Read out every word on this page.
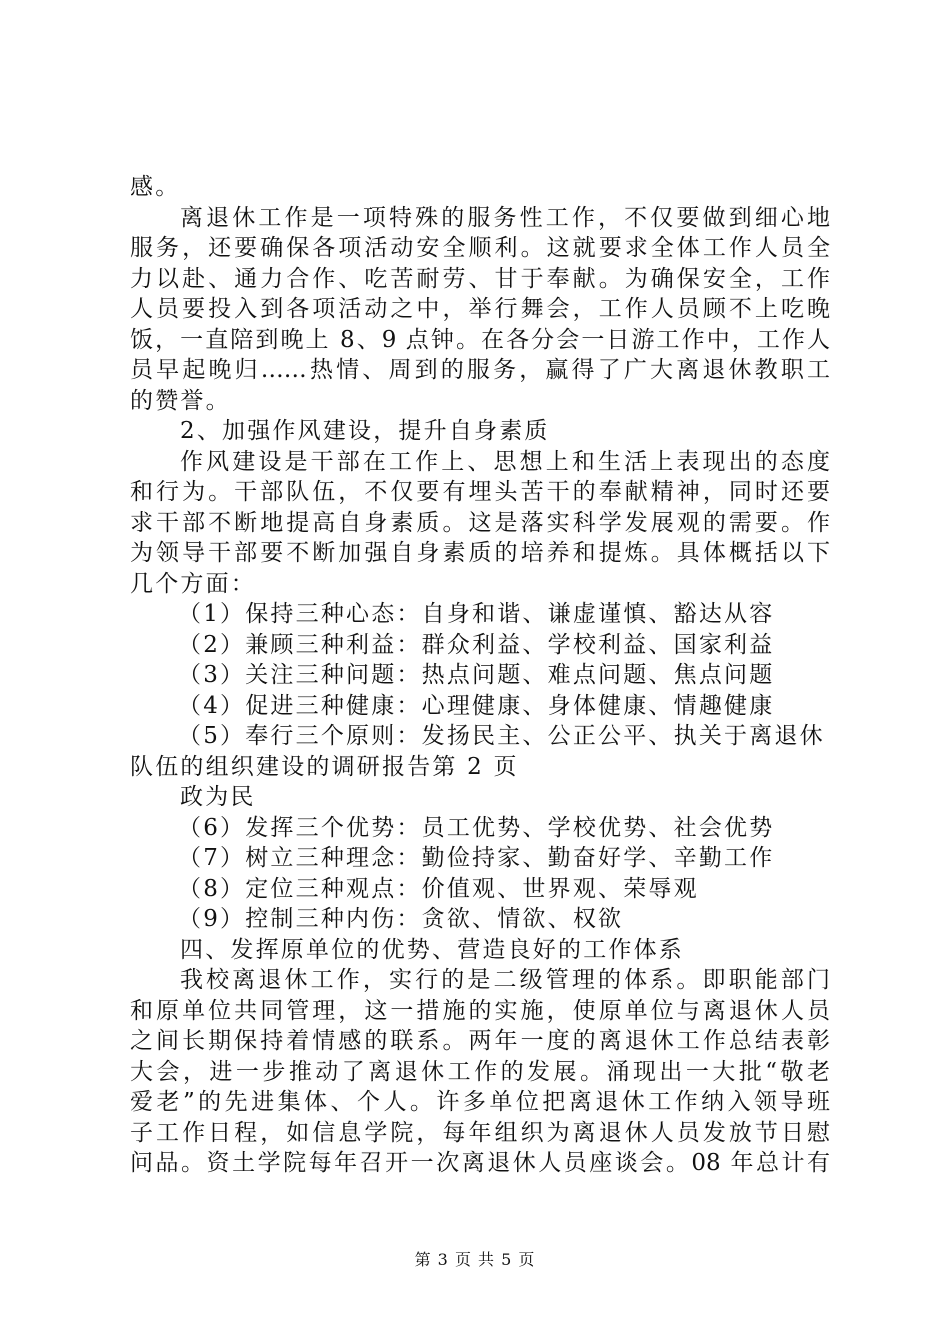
感。
离退休工作是一项特殊的服务性工作，不仅要做到细心地
服务，还要确保各项活动安全顺利。这就要求全体工作人员全
力以赴、通力合作、吃苦耐劳、甘于奉献。为确保安全，工作
人员要投入到各项活动之中，举行舞会，工作人员顾不上吃晚
饭，一直陪到晚上 8、9 点钟。在各分会一日游工作中，工作人
员早起晚归……热情、周到的服务，赢得了广大离退休教职工
的赞誉。
2、加强作风建设，提升自身素质
作风建设是干部在工作上、思想上和生活上表现出的态度
和行为。干部队伍，不仅要有埋头苦干的奉献精神，同时还要
求干部不断地提高自身素质。这是落实科学发展观的需要。作
为领导干部要不断加强自身素质的培养和提炼。具体概括以下
几个方面：
（1）保持三种心态：自身和谐、谦虚谨慎、豁达从容
（2）兼顾三种利益：群众利益、学校利益、国家利益
（3）关注三种问题：热点问题、难点问题、焦点问题
（4）促进三种健康：心理健康、身体健康、情趣健康
（5）奉行三个原则：发扬民主、公正公平、执关于离退休
队伍的组织建设的调研报告第 2 页
政为民
（6）发挥三个优势：员工优势、学校优势、社会优势
（7）树立三种理念：勤俭持家、勤奋好学、辛勤工作
（8）定位三种观点：价值观、世界观、荣辱观
（9）控制三种内伤：贪欲、情欲、权欲
四、发挥原单位的优势、营造良好的工作体系
我校离退休工作，实行的是二级管理的体系。即职能部门
和原单位共同管理，这一措施的实施，使原单位与离退休人员
之间长期保持着情感的联系。两年一度的离退休工作总结表彰
大会，进一步推动了离退休工作的发展。涌现出一大批“敬老
爱老”的先进集体、个人。许多单位把离退休工作纳入领导班
子工作日程，如信息学院，每年组织为离退休人员发放节日慰
问品。资土学院每年召开一次离退休人员座谈会。08 年总计有
第 3 页 共 5 页
